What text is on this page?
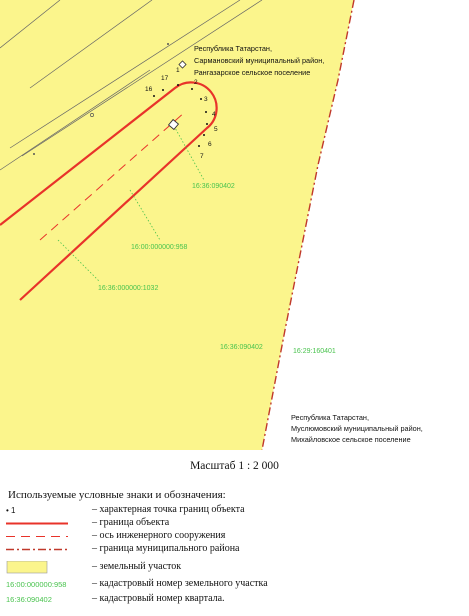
Республика Татарстан,
Сармановский муниципальный район,
Рангазарское сельское поселение
Республика Татарстан,
Муслюмовский муниципальный район,
Михайловское сельское поселение
16
17
1
2
3
4
5
6
7
16:36:090402
16:00:000000:958
16:36:000000:1032
16:36:090402
16:29:160401
Масштаб 1 : 2 000
Используемые условные знаки и обозначения:
• 1	– характерная точка границ объекта
– граница объекта
– ось инженерного сооружения
– граница муниципального района
– земельный участок
16:00:000000:958	– кадастровый номер земельного участка
16:36:090402	– кадастровый номер квартала.
